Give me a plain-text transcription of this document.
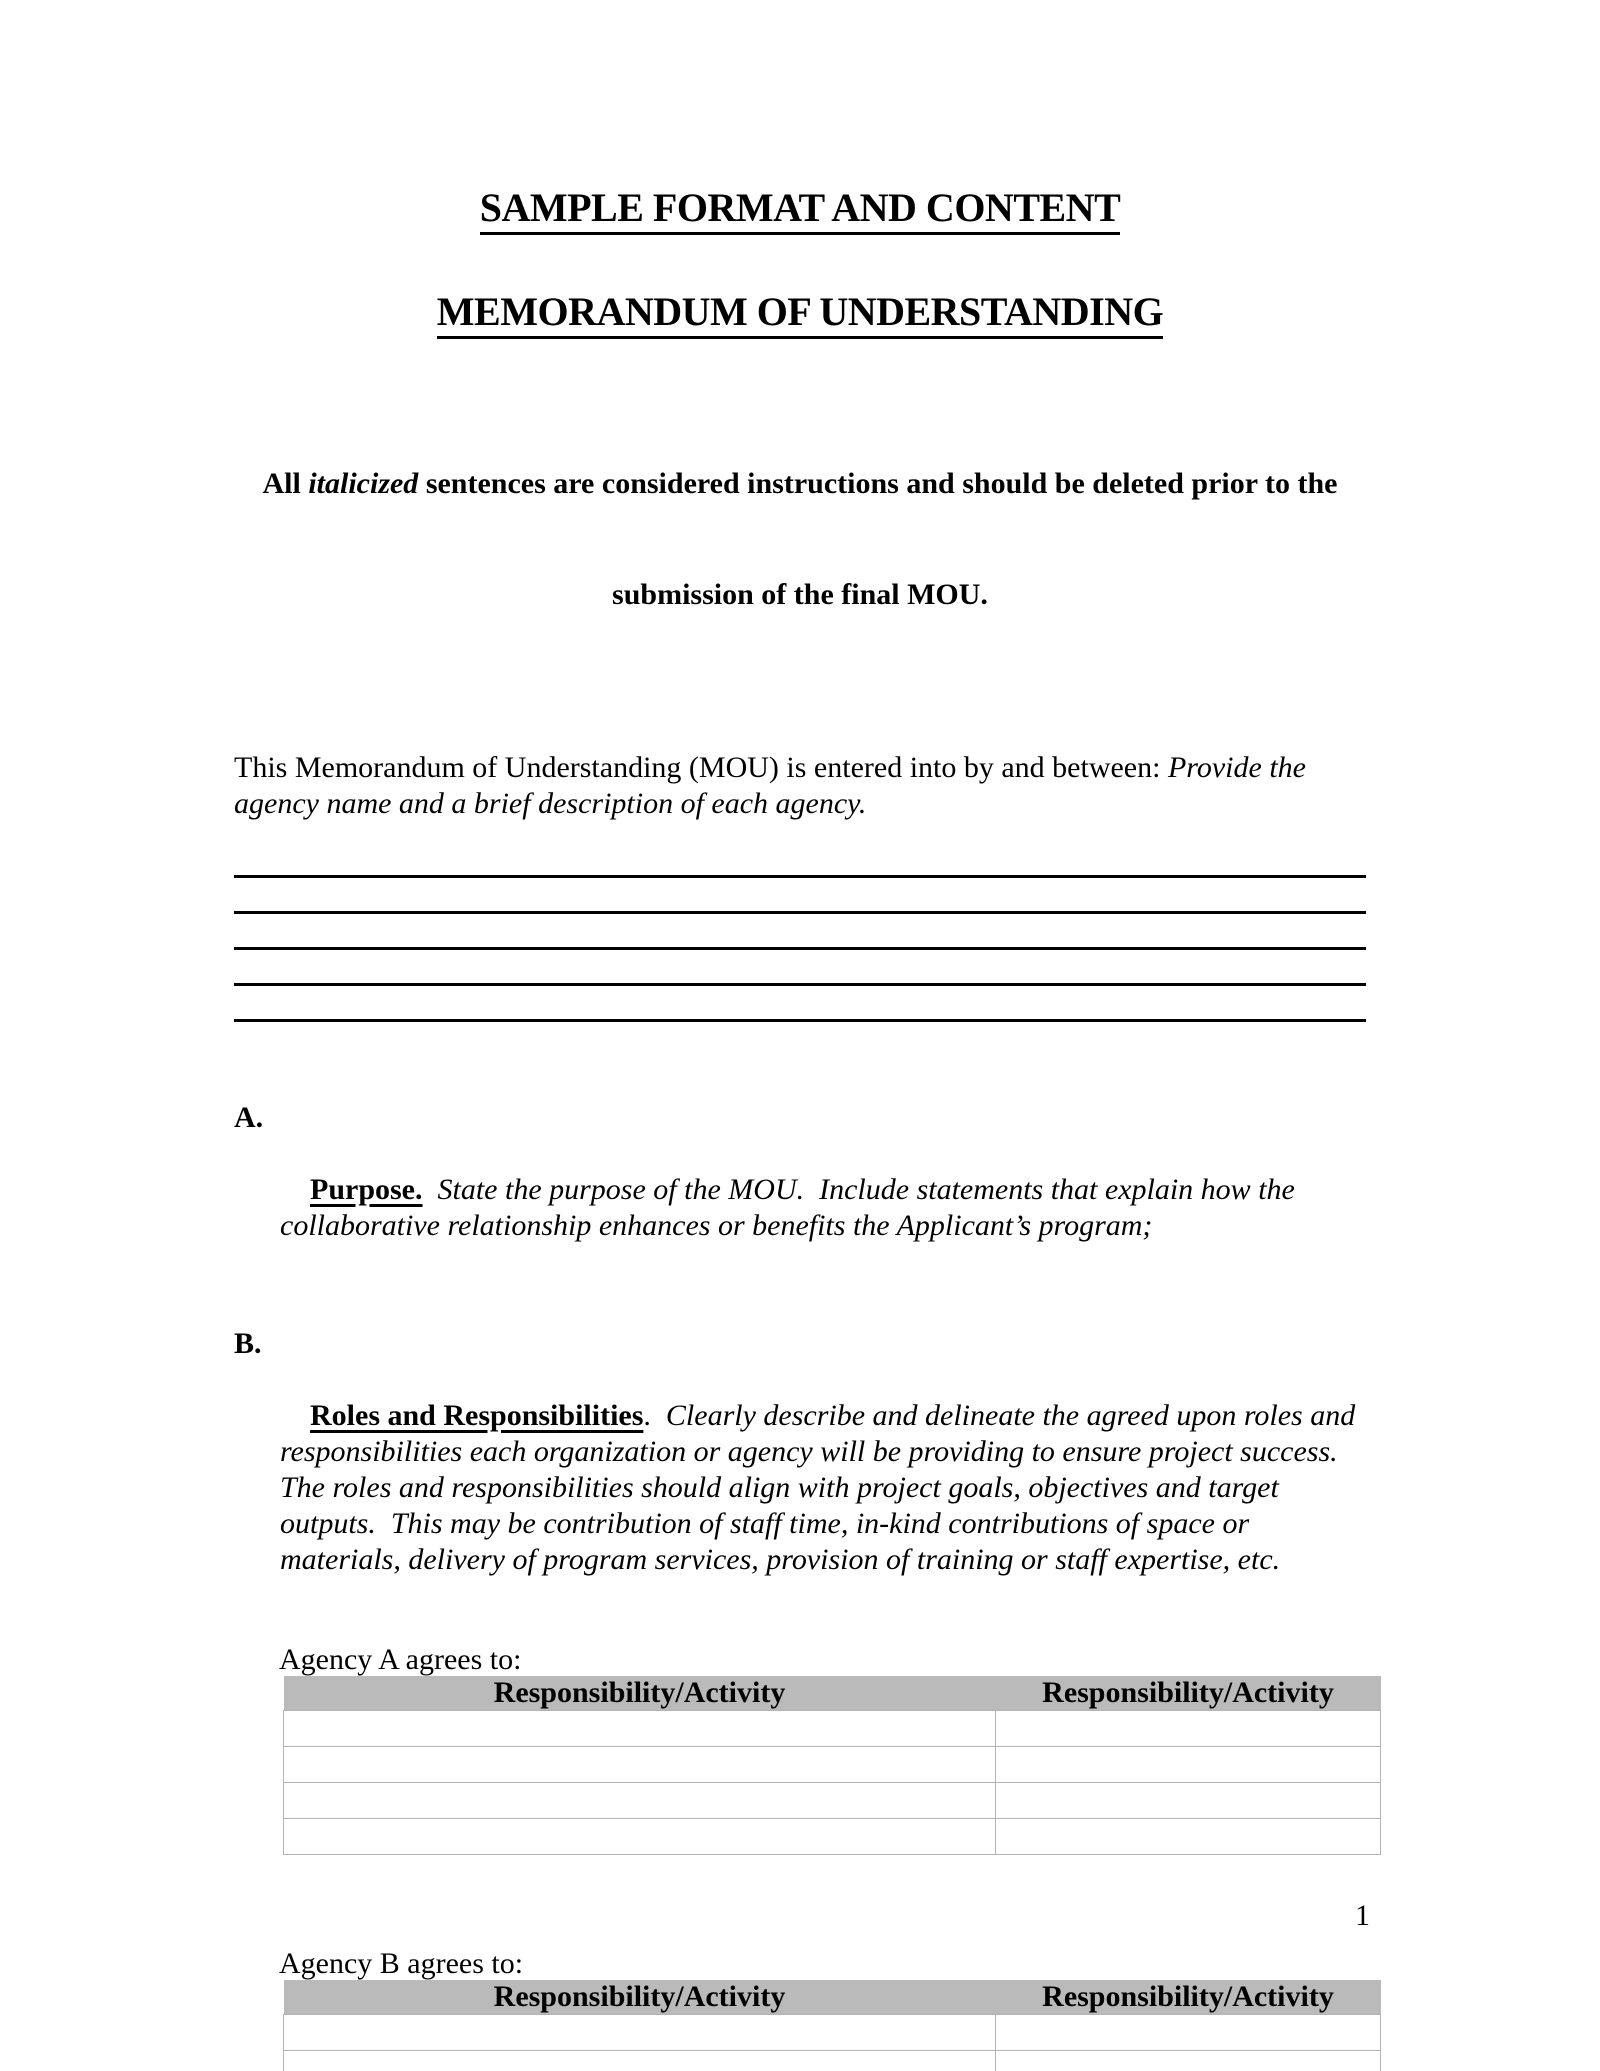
SAMPLE FORMAT AND CONTENT
MEMORANDUM OF UNDERSTANDING

All italicized sentences are considered instructions and should be deleted prior to the

submission of the final MOU.

This Memorandum of Understanding (MOU) is entered into by and between: Provide the agency name and a brief description of each agency.

A.

Purpose. State the purpose of the MOU.  Include statements that explain how the collaborative relationship enhances or benefits the Applicant’s program;

B.

Roles and Responsibilities.  Clearly describe and delineate the agreed upon roles and responsibilities each organization or agency will be providing to ensure project success.  The roles and responsibilities should align with project goals, objectives and target outputs.  This may be contribution of staff time, in-kind contributions of space or materials, delivery of program services, provision of training or staff expertise, etc.

Agency A agrees to:
Responsibility/Activity	Responsibility/Activity

Agency B agrees to:
Responsibility/Activity	Responsibility/Activity

1
